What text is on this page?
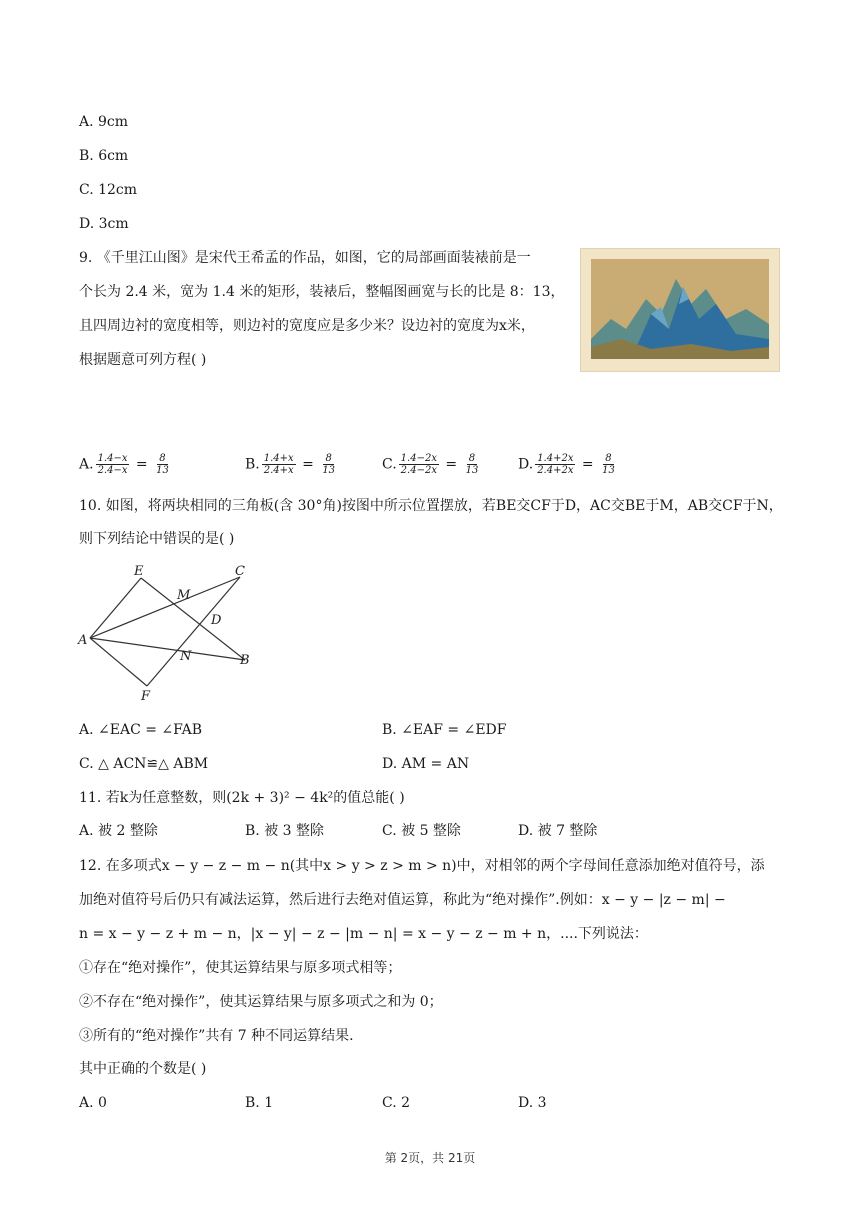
A. 9cm
B. 6cm
C. 12cm
D. 3cm
9. 《千里江山图》是宋代王希孟的作品，如图，它的局部画面装裱前是一
个长为 2.4 米，宽为 1.4 米的矩形，装裱后，整幅图画宽与长的比是 8：13，
且四周边衬的宽度相等，则边衬的宽度应是多少米？设边衬的宽度为x米，
根据题意可列方程( )
A. $\frac{1.4-x}{2.4-x} = \frac{8}{13}$	B. $\frac{1.4+x}{2.4+x} = \frac{8}{13}$	C. $\frac{1.4-2x}{2.4-2x} = \frac{8}{13}$	D. $\frac{1.4+2x}{2.4+2x} = \frac{8}{13}$
10. 如图，将两块相同的三角板(含 30°角)按图中所示位置摆放，若BE交CF于D，AC交BE于M，AB交CF于N，
则下列结论中错误的是( )
E	C
M
D
A
N	B
F
A. ∠EAC = ∠FAB	B. ∠EAF = ∠EDF
C. △ ACN≌△ ABM	D. AM = AN
11. 若k为任意整数，则(2k + 3)² − 4k²的值总能( )
A. 被 2 整除	B. 被 3 整除	C. 被 5 整除	D. 被 7 整除
12. 在多项式x − y − z − m − n(其中x > y > z > m > n)中，对相邻的两个字母间任意添加绝对值符号，添
加绝对值符号后仍只有减法运算，然后进行去绝对值运算，称此为“绝对操作”.例如：x − y − |z − m| −
n = x − y − z + m − n，|x − y| − z − |m − n| = x − y − z − m + n，....下列说法：
①存在“绝对操作”，使其运算结果与原多项式相等；
②不存在“绝对操作”，使其运算结果与原多项式之和为 0；
③所有的“绝对操作”共有 7 种不同运算结果.
其中正确的个数是( )
A. 0	B. 1	C. 2	D. 3
第 2页，共 21页
